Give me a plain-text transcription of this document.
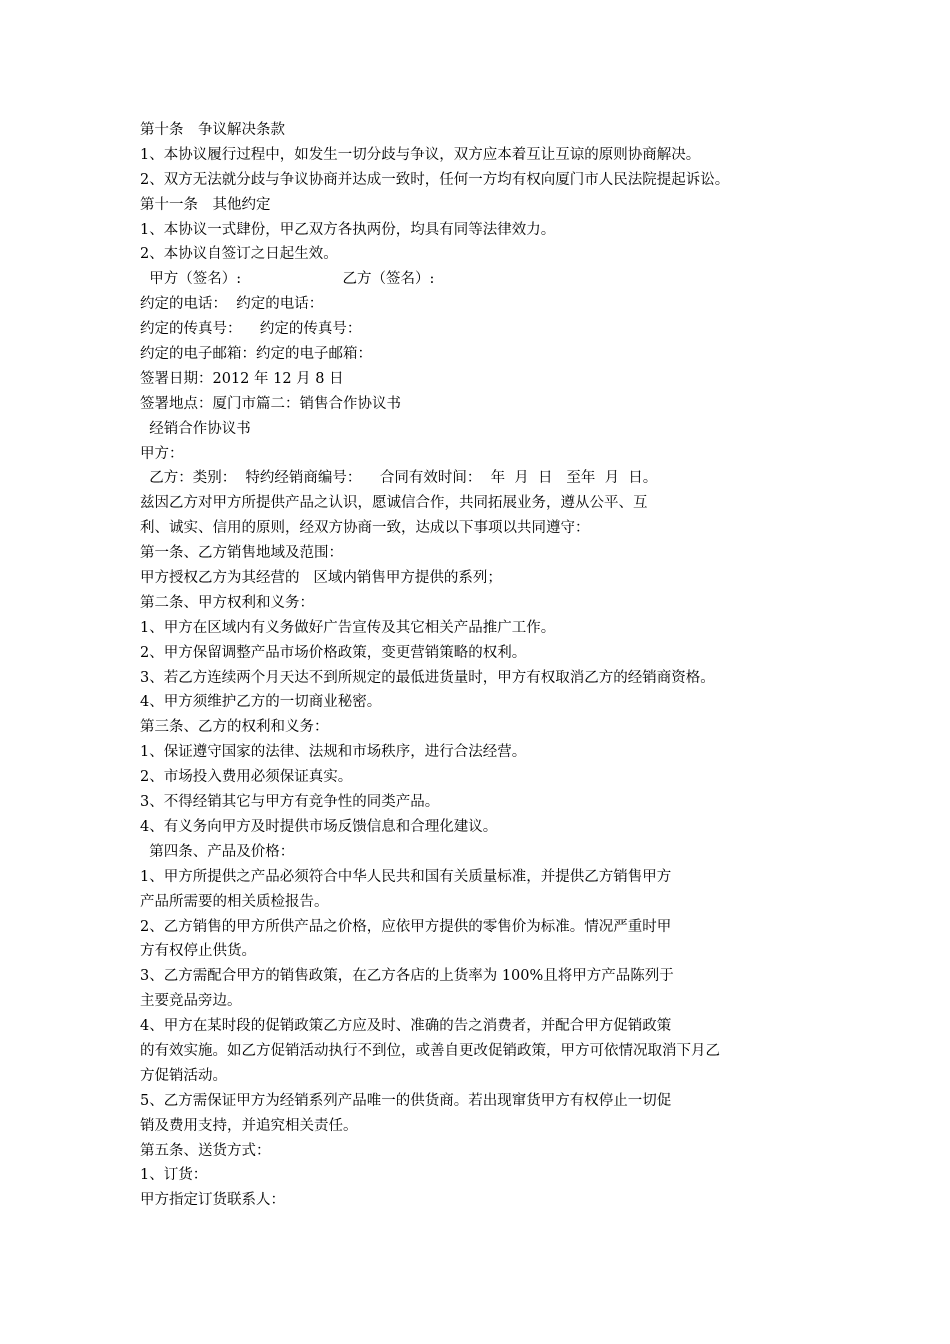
第十条　争议解决条款
1、本协议履行过程中，如发生一切分歧与争议，双方应本着互让互谅的原则协商解决。
2、双方无法就分歧与争议协商并达成一致时，任何一方均有权向厦门市人民法院提起诉讼。
第十一条　其他约定
1、本协议一式肆份，甲乙双方各执两份，均具有同等法律效力。
2、本协议自签订之日起生效。
甲方（签名）:                      乙方（签名）:
约定的电话：  约定的电话：
约定的传真号：    约定的传真号：
约定的电子邮箱：约定的电子邮箱：
签署日期：2012 年 12 月 8 日
签署地点：厦门市篇二：销售合作协议书
经销合作协议书
甲方：
乙方：类别：  特约经销商编号：    合同有效时间：  年  月  日   至年  月  日。
兹因乙方对甲方所提供产品之认识，愿诚信合作，共同拓展业务，遵从公平、互
利、诚实、信用的原则，经双方协商一致，达成以下事项以共同遵守：
第一条、乙方销售地域及范围：
甲方授权乙方为其经营的   区域内销售甲方提供的系列；
第二条、甲方权利和义务：
1、甲方在区域内有义务做好广告宣传及其它相关产品推广工作。
2、甲方保留调整产品市场价格政策，变更营销策略的权利。
3、若乙方连续两个月天达不到所规定的最低进货量时，甲方有权取消乙方的经销商资格。
4、甲方须维护乙方的一切商业秘密。
第三条、乙方的权利和义务：
1、保证遵守国家的法律、法规和市场秩序，进行合法经营。
2、市场投入费用必须保证真实。
3、不得经销其它与甲方有竞争性的同类产品。
4、有义务向甲方及时提供市场反馈信息和合理化建议。
第四条、产品及价格：
1、甲方所提供之产品必须符合中华人民共和国有关质量标准，并提供乙方销售甲方
产品所需要的相关质检报告。
2、乙方销售的甲方所供产品之价格，应依甲方提供的零售价为标准。情况严重时甲
方有权停止供货。
3、乙方需配合甲方的销售政策，在乙方各店的上货率为 100%且将甲方产品陈列于
主要竞品旁边。
4、甲方在某时段的促销政策乙方应及时、准确的告之消费者，并配合甲方促销政策
的有效实施。如乙方促销活动执行不到位，或善自更改促销政策，甲方可依情况取消下月乙
方促销活动。
5、乙方需保证甲方为经销系列产品唯一的供货商。若出现窜货甲方有权停止一切促
销及费用支持，并追究相关责任。
第五条、送货方式：
1、订货：
甲方指定订货联系人：
